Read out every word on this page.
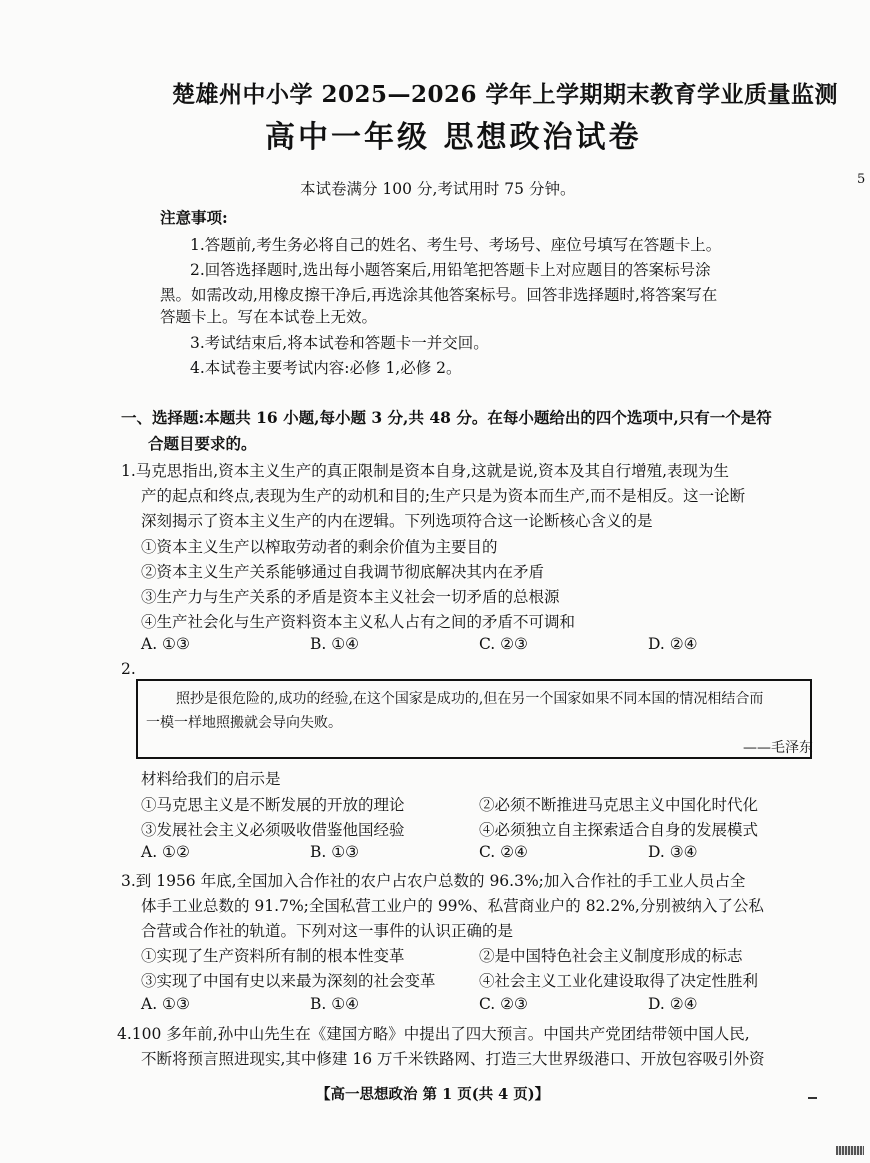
楚雄州中小学 2025—2026 学年上学期期末教育学业质量监测
高中一年级 思想政治试卷
本试卷满分 100 分,考试用时 75 分钟。
5
注意事项:
1.答题前,考生务必将自己的姓名、考生号、考场号、座位号填写在答题卡上。
2.回答选择题时,选出每小题答案后,用铅笔把答题卡上对应题目的答案标号涂
黑。如需改动,用橡皮擦干净后,再选涂其他答案标号。回答非选择题时,将答案写在
答题卡上。写在本试卷上无效。
3.考试结束后,将本试卷和答题卡一并交回。
4.本试卷主要考试内容:必修 1,必修 2。
一、选择题:本题共 16 小题,每小题 3 分,共 48 分。在每小题给出的四个选项中,只有一个是符
合题目要求的。
1.马克思指出,资本主义生产的真正限制是资本自身,这就是说,资本及其自行增殖,表现为生
产的起点和终点,表现为生产的动机和目的;生产只是为资本而生产,而不是相反。这一论断
深刻揭示了资本主义生产的内在逻辑。下列选项符合这一论断核心含义的是
①资本主义生产以榨取劳动者的剩余价值为主要目的
②资本主义生产关系能够通过自我调节彻底解决其内在矛盾
③生产力与生产关系的矛盾是资本主义社会一切矛盾的总根源
④生产社会化与生产资料资本主义私人占有之间的矛盾不可调和
A. ①③	B. ①④	C. ②③	D. ②④
2.
照抄是很危险的,成功的经验,在这个国家是成功的,但在另一个国家如果不同本国的情况相结合而
一模一样地照搬就会导向失败。
——毛泽东
材料给我们的启示是
①马克思主义是不断发展的开放的理论	②必须不断推进马克思主义中国化时代化
③发展社会主义必须吸收借鉴他国经验	④必须独立自主探索适合自身的发展模式
A. ①②	B. ①③	C. ②④	D. ③④
3.到 1956 年底,全国加入合作社的农户占农户总数的 96.3%;加入合作社的手工业人员占全
体手工业总数的 91.7%;全国私营工业户的 99%、私营商业户的 82.2%,分别被纳入了公私
合营或合作社的轨道。下列对这一事件的认识正确的是
①实现了生产资料所有制的根本性变革	②是中国特色社会主义制度形成的标志
③实现了中国有史以来最为深刻的社会变革	④社会主义工业化建设取得了决定性胜利
A. ①③	B. ①④	C. ②③	D. ②④
4.100 多年前,孙中山先生在《建国方略》中提出了四大预言。中国共产党团结带领中国人民,
不断将预言照进现实,其中修建 16 万千米铁路网、打造三大世界级港口、开放包容吸引外资
【高一思想政治 第 1 页(共 4 页)】
